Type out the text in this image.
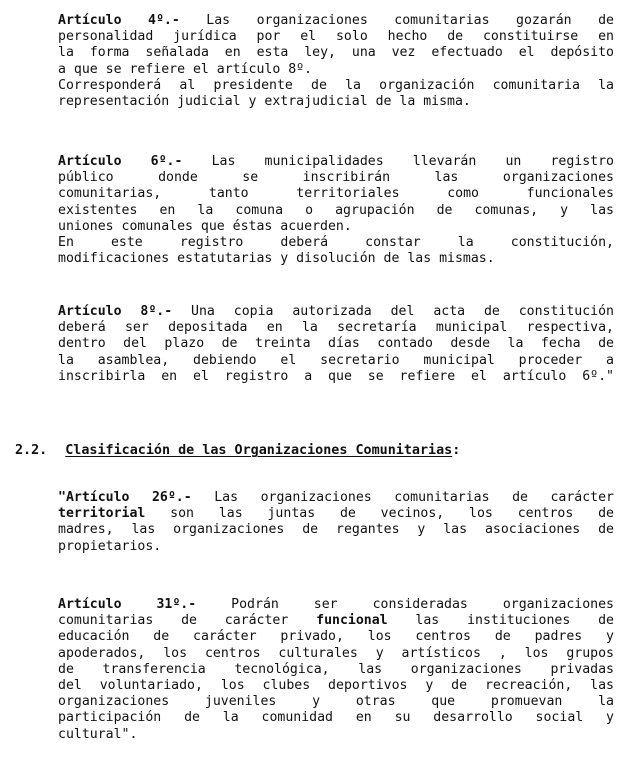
Artículo 4º.- Las organizaciones comunitarias gozarán de
personalidad jurídica por el solo hecho de constituirse en
la forma señalada en esta ley, una vez efectuado el depósito
a que se refiere el artículo 8º.
Corresponderá al presidente de la organización comunitaria la
representación judicial y extrajudicial de la misma.
Artículo 6º.- Las municipalidades llevarán un registro
público donde se inscribirán las organizaciones
comunitarias, tanto territoriales como funcionales
existentes en la comuna o agrupación de comunas, y las
uniones comunales que éstas acuerden.
En este registro deberá constar la constitución,
modificaciones estatutarias y disolución de las mismas.
Artículo 8º.- Una copia autorizada del acta de constitución
deberá ser depositada en la secretaría municipal respectiva,
dentro del plazo de treinta días contado desde la fecha de
la asamblea, debiendo el secretario municipal proceder a
inscribirla en el registro a que se refiere el artículo 6º."
2.2. Clasificación de las Organizaciones Comunitarias:
"Artículo 26º.- Las organizaciones comunitarias de carácter
territorial son las juntas de vecinos, los centros de
madres, las organizaciones de regantes y las asociaciones de
propietarios.
Artículo 31º.- Podrán ser consideradas organizaciones
comunitarias de carácter funcional las instituciones de
educación de carácter privado, los centros de padres y
apoderados, los centros culturales y artísticos , los grupos
de transferencia tecnológica, las organizaciones privadas
del voluntariado, los clubes deportivos y de recreación, las
organizaciones juveniles y otras que promuevan la
participación de la comunidad en su desarrollo social y
cultural".
